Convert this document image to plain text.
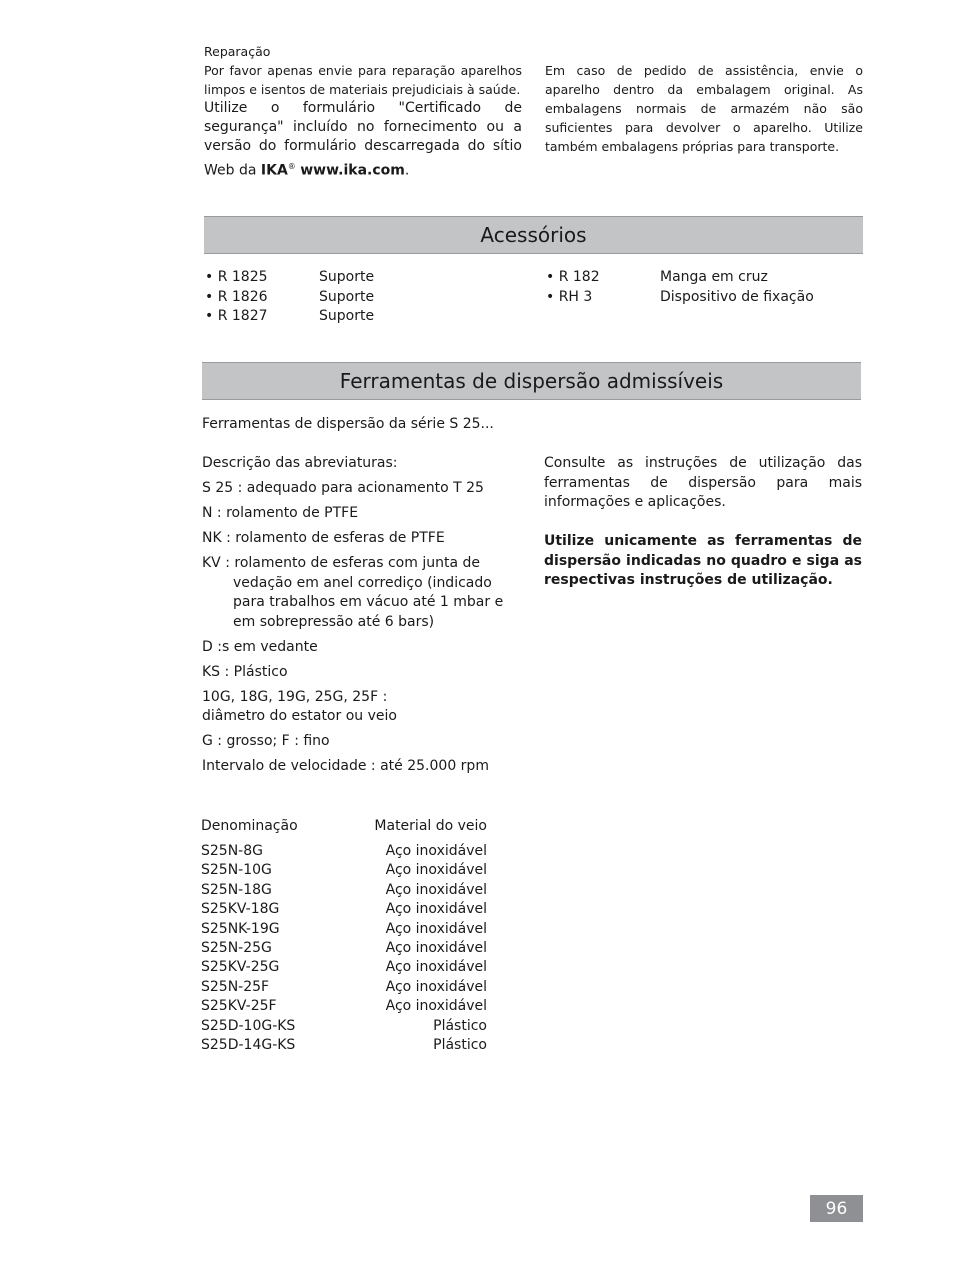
Reparação
Por favor apenas envie para reparação aparelhos limpos e isentos de materiais prejudiciais à saúde.
Utilize o formulário "Certificado de segurança" incluído no fornecimento ou a versão do formulário descarregada do sítio Web da IKA® www.ika.com.
Em caso de pedido de assistência, envie o aparelho dentro da embalagem original. As embalagens normais de armazém não são suficientes para devolver o aparelho. Utilize também embalagens próprias para transporte.
Acessórios
• R 1825	Suporte
• R 1826	Suporte
• R 1827	Suporte
• R 182	Manga em cruz
• RH 3	Dispositivo de fixação
Ferramentas de dispersão admissíveis
Ferramentas de dispersão da série S 25...
Descrição das abreviaturas:

S 25 : adequado para acionamento T 25

N : rolamento de PTFE

NK : rolamento de esferas de PTFE

KV : rolamento de esferas com junta de vedação em anel corrediço (indicado para trabalhos em vácuo até 1 mbar e em sobrepressão até 6 bars)

D :s em vedante

KS : Plástico

10G, 18G, 19G, 25G, 25F :

diâmetro do estator ou veio

G : grosso; F : fino

Intervalo de velocidade : até 25.000 rpm

Consulte as instruções de utilização das ferramentas de dispersão para mais informações e aplicações.
Utilize unicamente as ferramentas de dispersão indicadas no quadro e siga as respectivas instruções de utilização.
Denominação	Material do veio
S25N-8G	Aço inoxidável
S25N-10G	Aço inoxidável
S25N-18G	Aço inoxidável
S25KV-18G	Aço inoxidável
S25NK-19G	Aço inoxidável
S25N-25G	Aço inoxidável
S25KV-25G	Aço inoxidável
S25N-25F	Aço inoxidável
S25KV-25F	Aço inoxidável
S25D-10G-KS	Plástico
S25D-14G-KS	Plástico
96
